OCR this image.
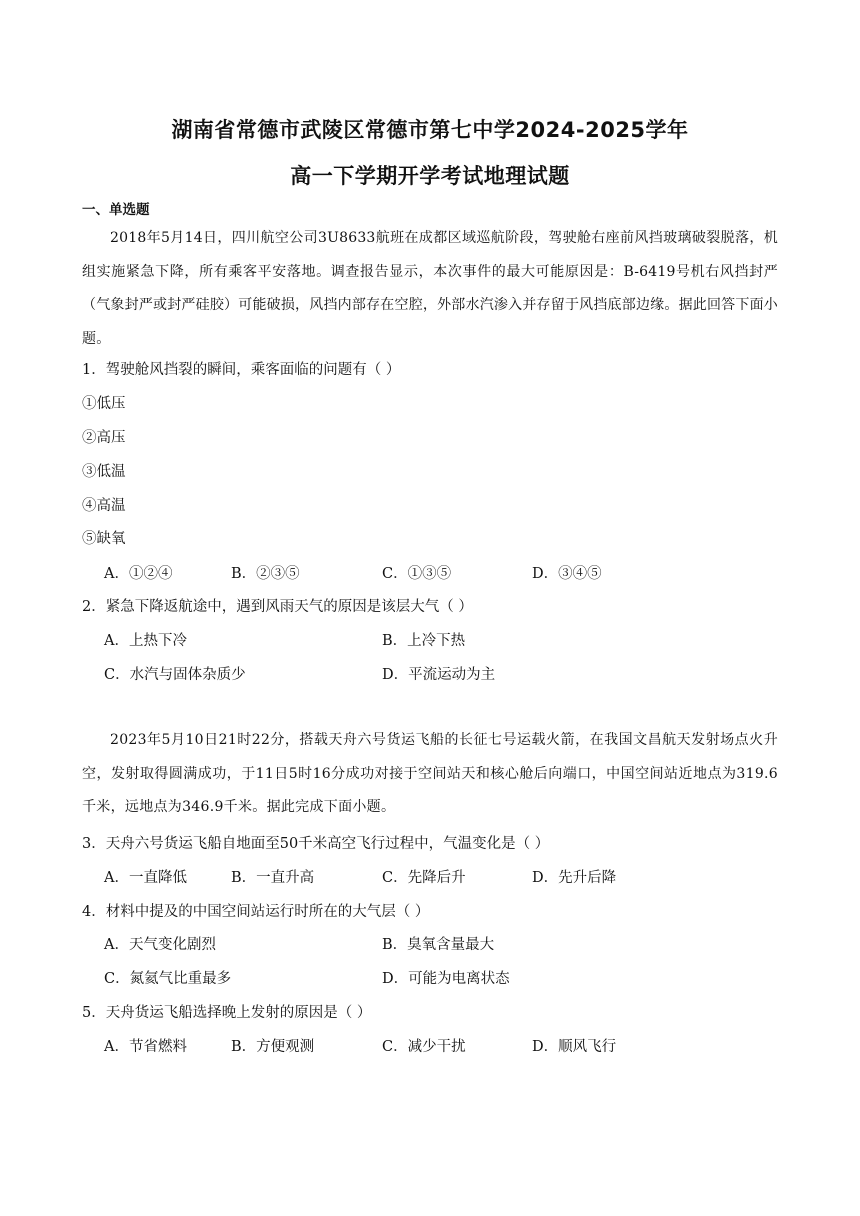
湖南省常德市武陵区常德市第七中学2024-2025学年
高一下学期开学考试地理试题
一、单选题
2018年5月14日，四川航空公司3U8633航班在成都区域巡航阶段，驾驶舱右座前风挡玻璃破裂脱落，机组实施紧急下降，所有乘客平安落地。调查报告显示，本次事件的最大可能原因是：B-6419号机右风挡封严（气象封严或封严硅胶）可能破损，风挡内部存在空腔，外部水汽渗入并存留于风挡底部边缘。据此回答下面小题。
1．驾驶舱风挡裂的瞬间，乘客面临的问题有（ ）
①低压
②高压
③低温
④高温
⑤缺氧
A．①②④	B．②③⑤	C．①③⑤	D．③④⑤
2．紧急下降返航途中，遇到风雨天气的原因是该层大气（ ）
A．上热下冷	B．上冷下热
C．水汽与固体杂质少	D．平流运动为主
2023年5月10日21时22分，搭载天舟六号货运飞船的长征七号运载火箭，在我国文昌航天发射场点火升空，发射取得圆满成功，于11日5时16分成功对接于空间站天和核心舱后向端口，中国空间站近地点为319.6千米，远地点为346.9千米。据此完成下面小题。
3．天舟六号货运飞船自地面至50千米高空飞行过程中，气温变化是（ ）
A．一直降低	B．一直升高	C．先降后升	D．先升后降
4．材料中提及的中国空间站运行时所在的大气层（ ）
A．天气变化剧烈	B．臭氧含量最大
C．氮氦气比重最多	D．可能为电离状态
5．天舟货运飞船选择晚上发射的原因是（ ）
A．节省燃料	B．方便观测	C．减少干扰	D．顺风飞行
